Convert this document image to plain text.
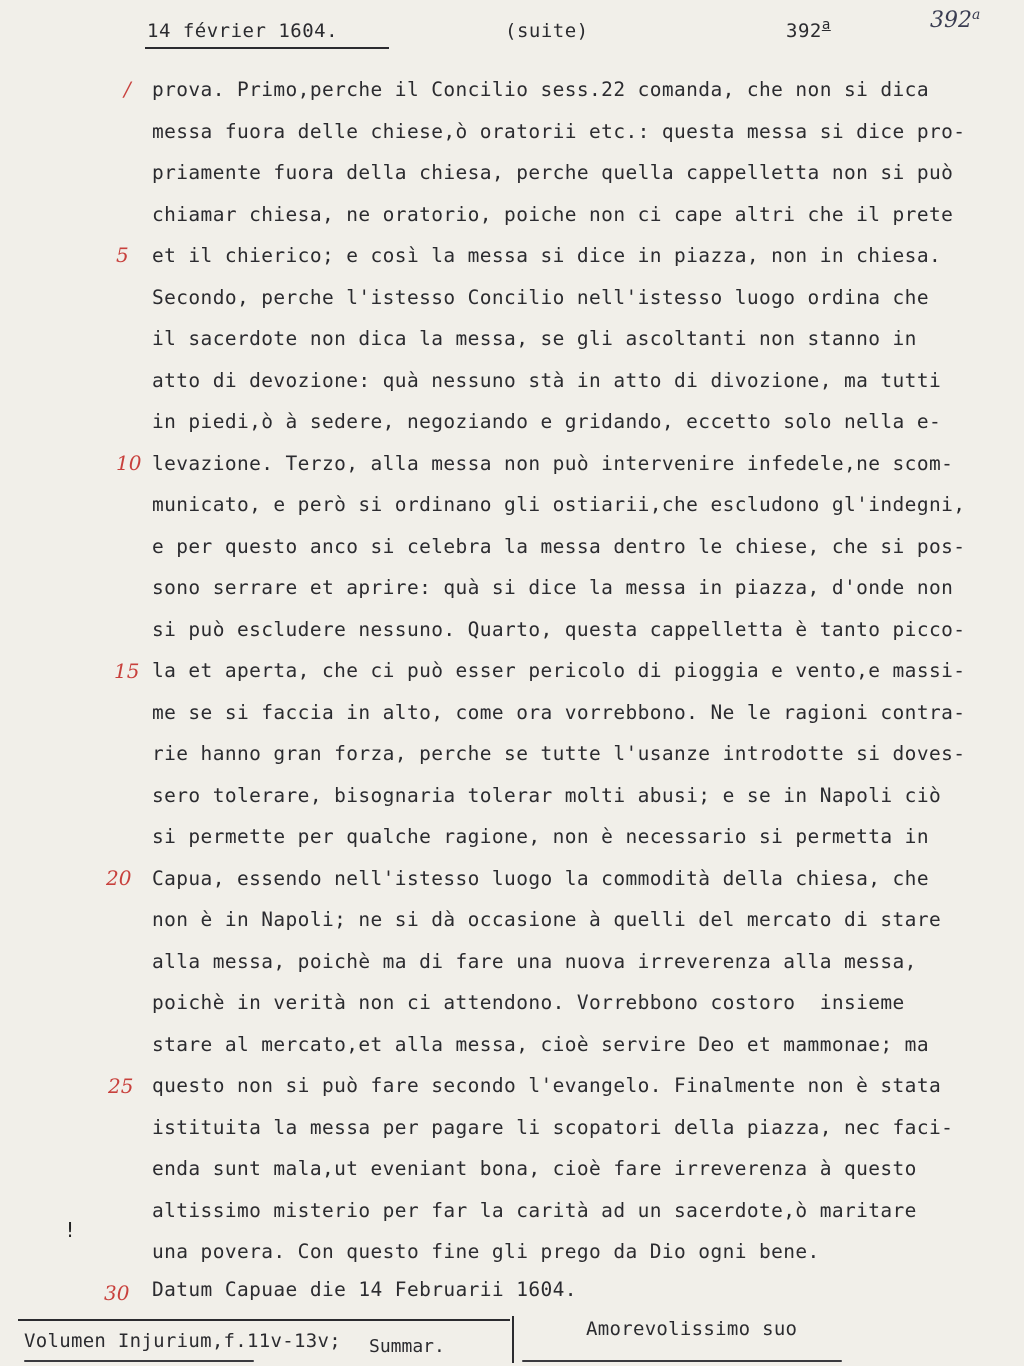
14 février 1604.	(suite)	392$^a$	392$^a$
/
5
10
15
20
25
30
!
prova. Primo,perche il Concilio sess.22 comanda, che non si dica
messa fuora delle chiese,ò oratorii etc.: questa messa si dice pro-
priamente fuora della chiesa, perche quella cappelletta non si può
chiamar chiesa, ne oratorio, poiche non ci cape altri che il prete
et il chierico; e così la messa si dice in piazza, non in chiesa.
Secondo, perche l'istesso Concilio nell'istesso luogo ordina che
il sacerdote non dica la messa, se gli ascoltanti non stanno in
atto di devozione: quà nessuno stà in atto di divozione, ma tutti
in piedi,ò à sedere, negoziando e gridando, eccetto solo nella e-
levazione. Terzo, alla messa non può intervenire infedele,ne scom-
municato, e però si ordinano gli ostiarii,che escludono gl'indegni,
e per questo anco si celebra la messa dentro le chiese, che si pos-
sono serrare et aprire: quà si dice la messa in piazza, d'onde non
si può escludere nessuno. Quarto, questa cappelletta è tanto picco-
la et aperta, che ci può esser pericolo di pioggia e vento,e massi-
me se si faccia in alto, come ora vorrebbono. Ne le ragioni contra-
rie hanno gran forza, perche se tutte l'usanze introdotte si doves-
sero tolerare, bisognaria tolerar molti abusi; e se in Napoli ciò
si permette per qualche ragione, non è necessario si permetta in
Capua, essendo nell'istesso luogo la commodità della chiesa, che
non è in Napoli; ne si dà occasione à quelli del mercato di stare
alla messa, poichè ma di fare una nuova irreverenza alla messa,
poichè in verità non ci attendono. Vorrebbono costoro  insieme
stare al mercato,et alla messa, cioè servire Deo et mammonae; ma
questo non si può fare secondo l'evangelo. Finalmente non è stata
istituita la messa per pagare li scopatori della piazza, nec faci-
enda sunt mala,ut eveniant bona, cioè fare irreverenza à questo
altissimo misterio per far la carità ad un sacerdote,ò maritare
una povera. Con questo fine gli prego da Dio ogni bene.
Datum Capuae die 14 Februarii 1604.
Volumen Injurium,f.11v-13v; Summar.
Amorevolissimo suo
